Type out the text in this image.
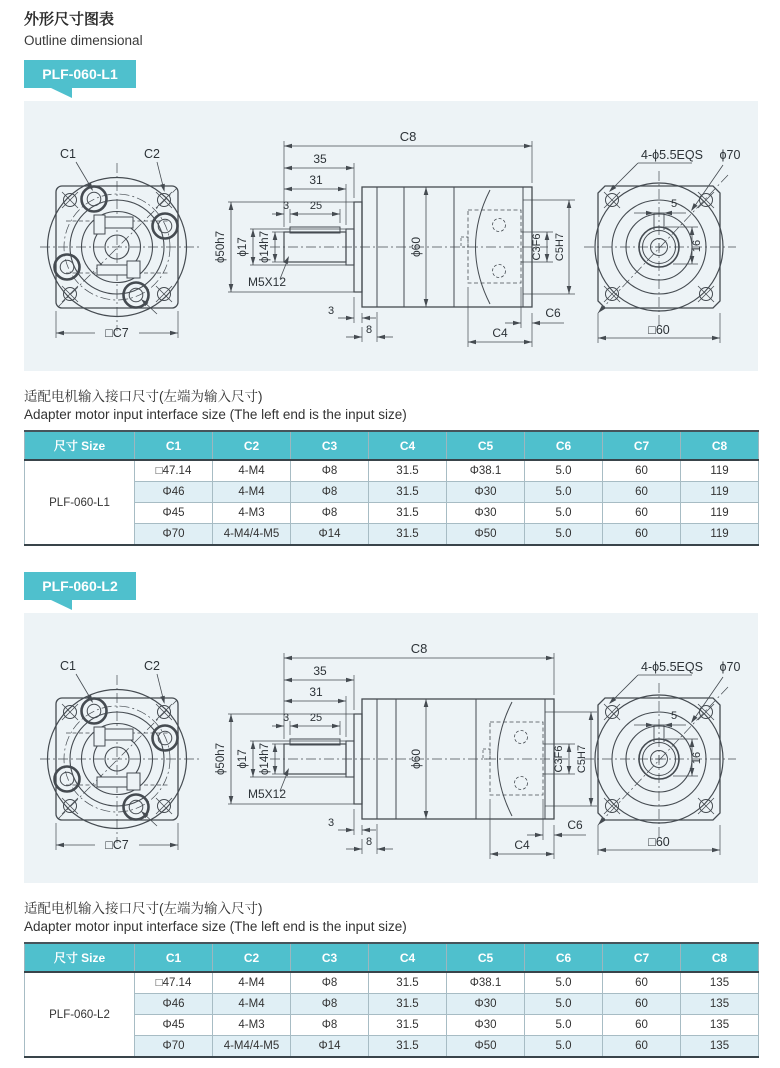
外形尺寸图表
Outline dimensional
PLF-060-L1
C1	C2
□C7
C8
35
31
3 25
ϕ50h7 ϕ17 ϕ14h7
M5X12
ϕ60	C3F6 C5H7
3
8	C4
C6
5
16
4-ϕ5.5EQS ϕ70
□60

适配电机输入接口尺寸(左端为输入尺寸)

Adapter motor input interface size (The left end is the input size)

尺寸 Size	C1	C2	C3	C4	C5	C6	C7	C8
PLF-060-L1	□47.14	4-M4	Φ8	31.5	Φ38.1	5.0	60	119
	Φ46	4-M4	Φ8	31.5	Φ30	5.0	60	119
	Φ45	4-M3	Φ8	31.5	Φ30	5.0	60	119
	Φ70	4-M4/4-M5	Φ14	31.5	Φ50	5.0	60	119
PLF-060-L2
C1	C2
□C7
C8
35
31
3 25
ϕ50h7 ϕ17 ϕ14h7
M5X12
ϕ60	C3F6 C5H7
3
8	C4
C6
5
16
4-ϕ5.5EQS ϕ70
□60

适配电机输入接口尺寸(左端为输入尺寸)

Adapter motor input interface size (The left end is the input size)

尺寸 Size	C1	C2	C3	C4	C5	C6	C7	C8
PLF-060-L2	□47.14	4-M4	Φ8	31.5	Φ38.1	5.0	60	135
	Φ46	4-M4	Φ8	31.5	Φ30	5.0	60	135
	Φ45	4-M3	Φ8	31.5	Φ30	5.0	60	135
	Φ70	4-M4/4-M5	Φ14	31.5	Φ50	5.0	60	135
